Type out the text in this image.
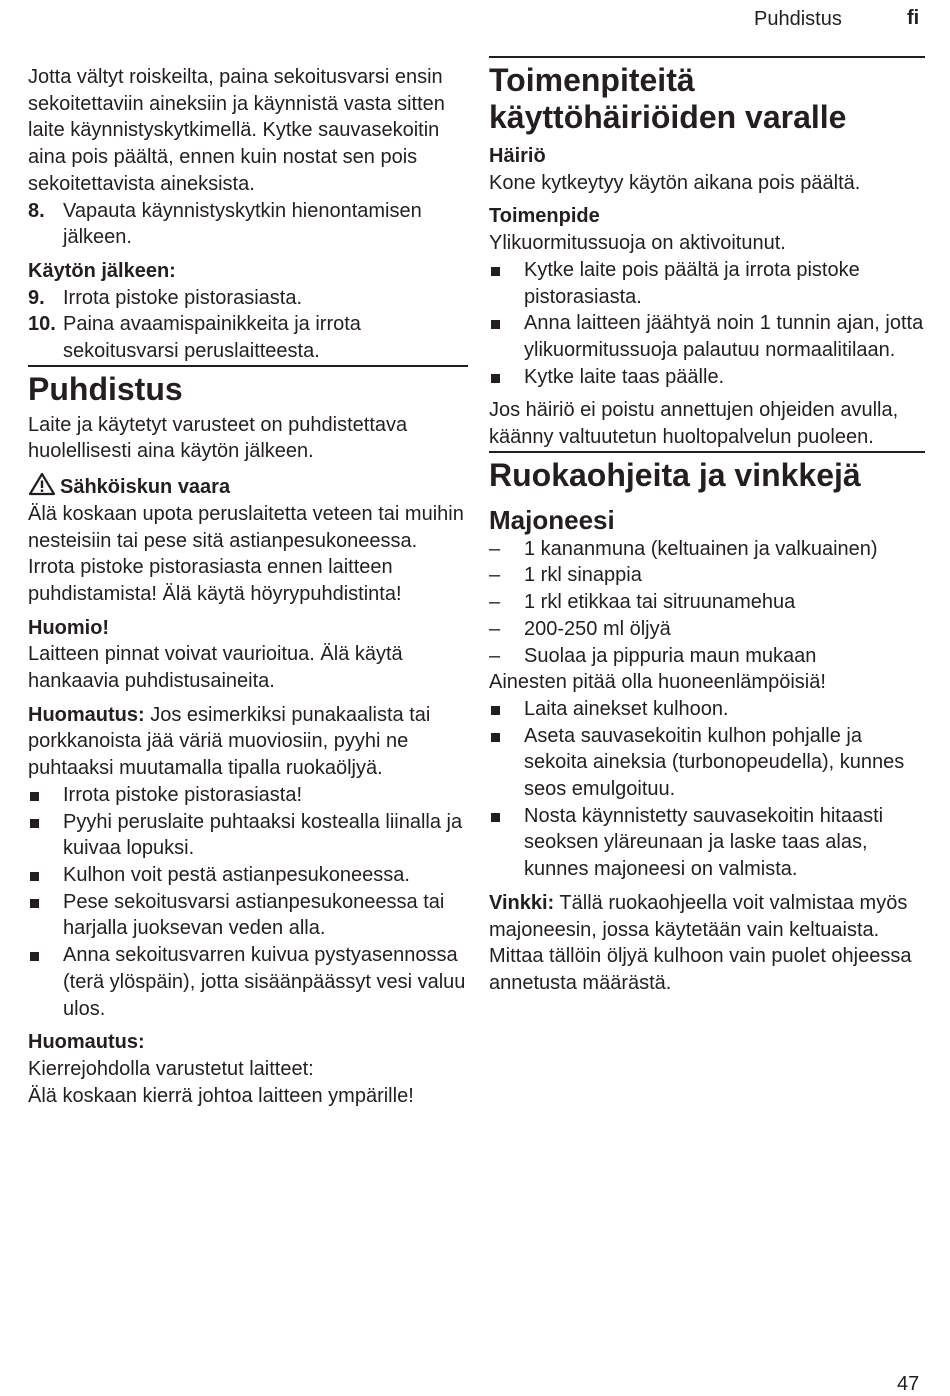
Puhdistus	fi

Jotta vältyt roiskeilta, paina sekoitusvarsi ensin sekoitettaviin aineksiin ja käynnistä vasta sitten laite käynnistyskytkimellä. Kytke sauvasekoitin aina pois päältä, ennen kuin nostat sen pois sekoitettavista aineksista.

8. Vapauta käynnistyskytkin hienontamisen jälkeen.
Käytön jälkeen:
9. Irrota pistoke pistorasiasta.
10. Paina avaamispainikkeita ja irrota sekoitusvarsi peruslaitteesta.
Puhdistus

Laite ja käytetyt varusteet on puhdistettava huolellisesti aina käytön jälkeen.

Sähköiskun vaara

Älä koskaan upota peruslaitetta veteen tai muihin nesteisiin tai pese sitä astianpesukoneessa. Irrota pistoke pistorasiasta ennen laitteen puhdistamista! Älä käytä höyrypuhdistinta!

Huomio!

Laitteen pinnat voivat vaurioitua. Älä käytä hankaavia puhdistusaineita.

Huomautus: Jos esimerkiksi punakaalista tai porkkanoista jää väriä muoviosiin, pyyhi ne puhtaaksi muutamalla tipalla ruokaöljyä.

Irrota pistoke pistorasiasta!
Pyyhi peruslaite puhtaaksi kostealla liinalla ja kuivaa lopuksi.
Kulhon voit pestä astianpesukoneessa.
Pese sekoitusvarsi astianpesukoneessa tai harjalla juoksevan veden alla.
Anna sekoitusvarren kuivua pystyasennossa (terä ylöspäin), jotta sisäänpäässyt vesi valuu ulos.
Huomautus:
Kierrejohdolla varustetut laitteet:
Älä koskaan kierrä johtoa laitteen ympärille!
Toimenpiteitä käyttöhäiriöiden varalle
Häiriö

Kone kytkeytyy käytön aikana pois päältä.

Toimenpide

Ylikuormitussuoja on aktivoitunut.

Kytke laite pois päältä ja irrota pistoke pistorasiasta.
Anna laitteen jäähtyä noin 1 tunnin ajan, jotta ylikuormitussuoja palautuu normaalitilaan.
Kytke laite taas päälle.

Jos häiriö ei poistu annettujen ohjeiden avulla, käänny valtuutetun huoltopalvelun puoleen.

Ruokaohjeita ja vinkkejä
Majoneesi
– 1 kananmuna (keltuainen ja valkuainen)
– 1 rkl sinappia
– 1 rkl etikkaa tai sitruunamehua
– 200-250 ml öljyä
– Suolaa ja pippuria maun mukaan

Ainesten pitää olla huoneenlämpöisiä!

Laita ainekset kulhoon.
Aseta sauvasekoitin kulhon pohjalle ja sekoita aineksia (turbonopeudella), kunnes seos emulgoituu.
Nosta käynnistetty sauvasekoitin hitaasti seoksen yläreunaan ja laske taas alas, kunnes majoneesi on valmista.

Vinkki: Tällä ruokaohjeella voit valmistaa myös majoneesin, jossa käytetään vain keltuaista. Mittaa tällöin öljyä kulhoon vain puolet ohjeessa annetusta määrästä.

47
